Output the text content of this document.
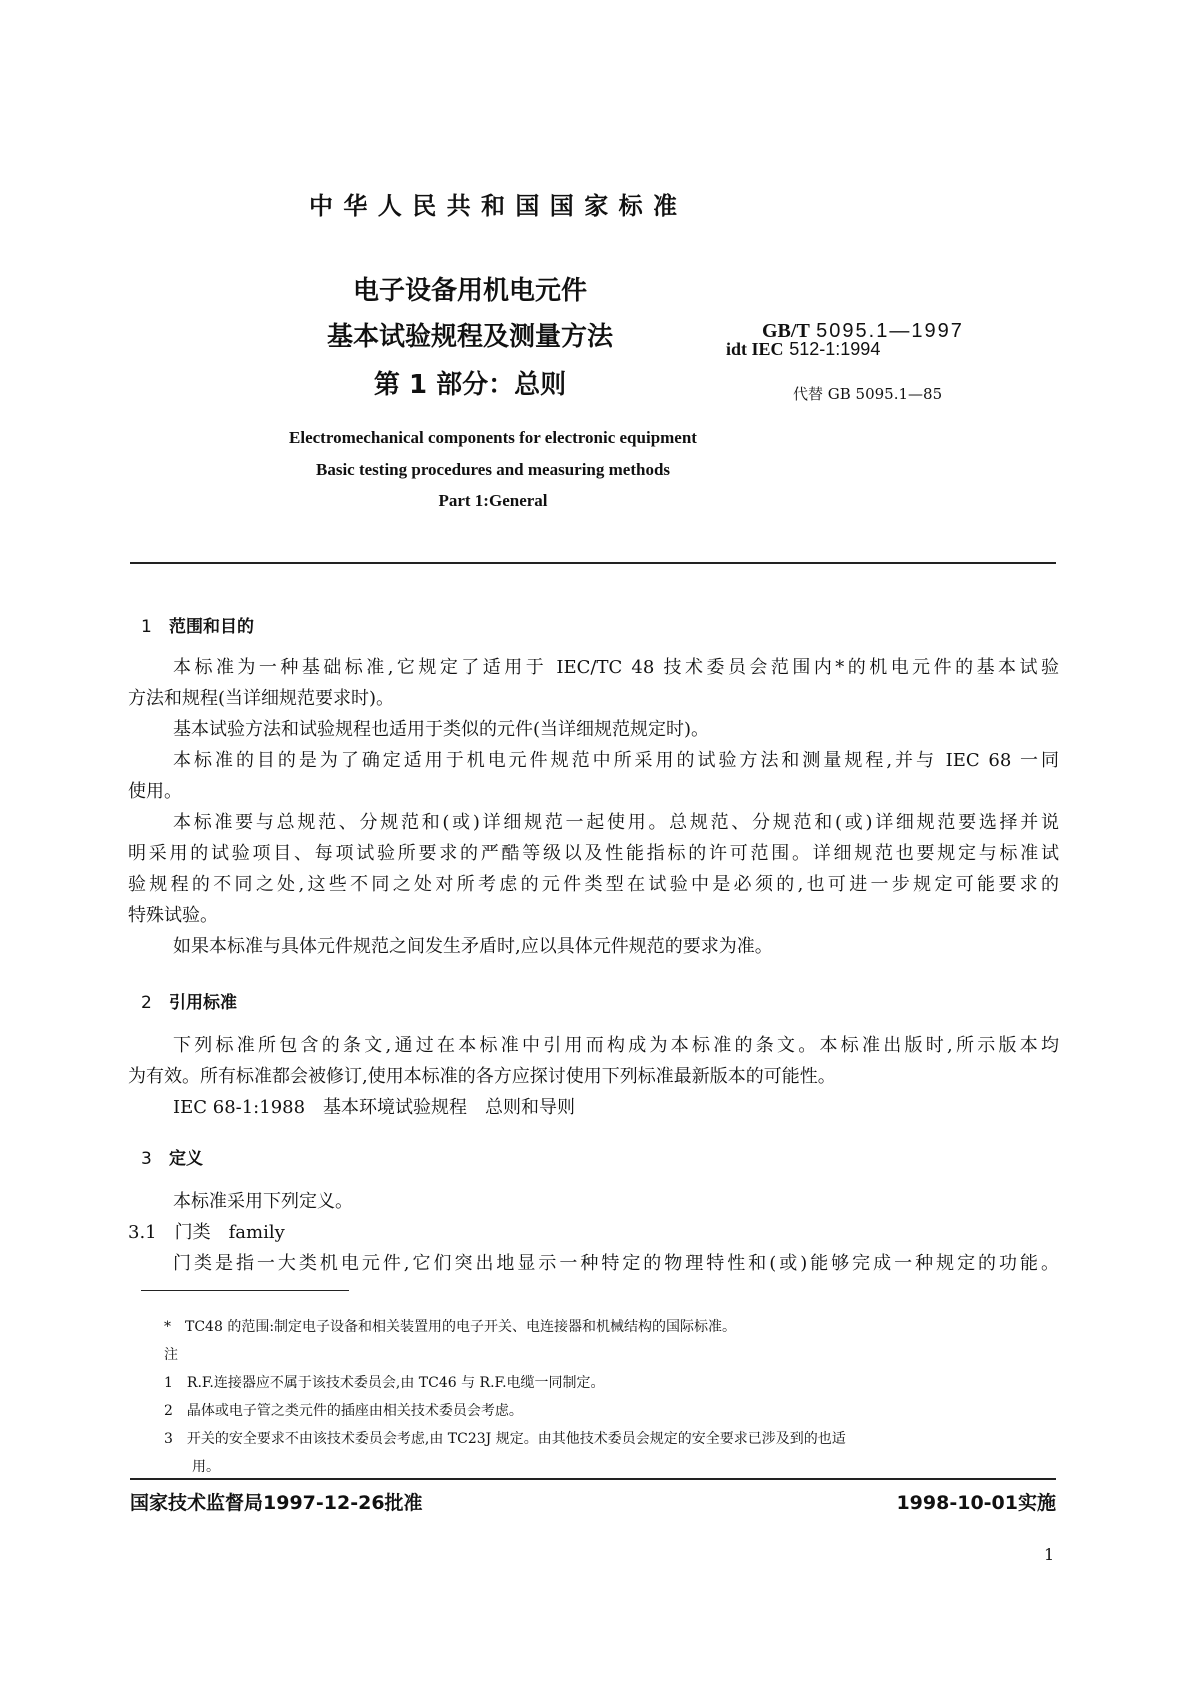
中华人民共和国国家标准
电子设备用机电元件
基本试验规程及测量方法
第 1 部分：总则
GB/T 5095.1—1997
idt IEC 512-1:1994
代替 GB 5095.1—85
Electromechanical components for electronic equipment
Basic testing procedures and measuring methods
Part 1:General
1 范围和目的
本标准为一种基础标准,它规定了适用于 IEC/TC 48 技术委员会范围内*的机电元件的基本试验
方法和规程(当详细规范要求时)。
基本试验方法和试验规程也适用于类似的元件(当详细规范规定时)。
本标准的目的是为了确定适用于机电元件规范中所采用的试验方法和测量规程,并与 IEC 68 一同
使用。
本标准要与总规范、分规范和(或)详细规范一起使用。总规范、分规范和(或)详细规范要选择并说
明采用的试验项目、每项试验所要求的严酷等级以及性能指标的许可范围。详细规范也要规定与标准试
验规程的不同之处,这些不同之处对所考虑的元件类型在试验中是必须的,也可进一步规定可能要求的
特殊试验。
如果本标准与具体元件规范之间发生矛盾时,应以具体元件规范的要求为准。
2 引用标准
下列标准所包含的条文,通过在本标准中引用而构成为本标准的条文。本标准出版时,所示版本均
为有效。所有标准都会被修订,使用本标准的各方应探讨使用下列标准最新版本的可能性。
IEC 68-1:1988　基本环境试验规程　总则和导则
3 定义
本标准采用下列定义。
3.1　门类　family
门类是指一大类机电元件,它们突出地显示一种特定的物理特性和(或)能够完成一种规定的功能。
*　TC48 的范围:制定电子设备和相关装置用的电子开关、电连接器和机械结构的国际标准。
注
1　R.F.连接器应不属于该技术委员会,由 TC46 与 R.F.电缆一同制定。
2　晶体或电子管之类元件的插座由相关技术委员会考虑。
3　开关的安全要求不由该技术委员会考虑,由 TC23J 规定。由其他技术委员会规定的安全要求已涉及到的也适
　　用。
国家技术监督局1997-12-26批准	1998-10-01实施
1
